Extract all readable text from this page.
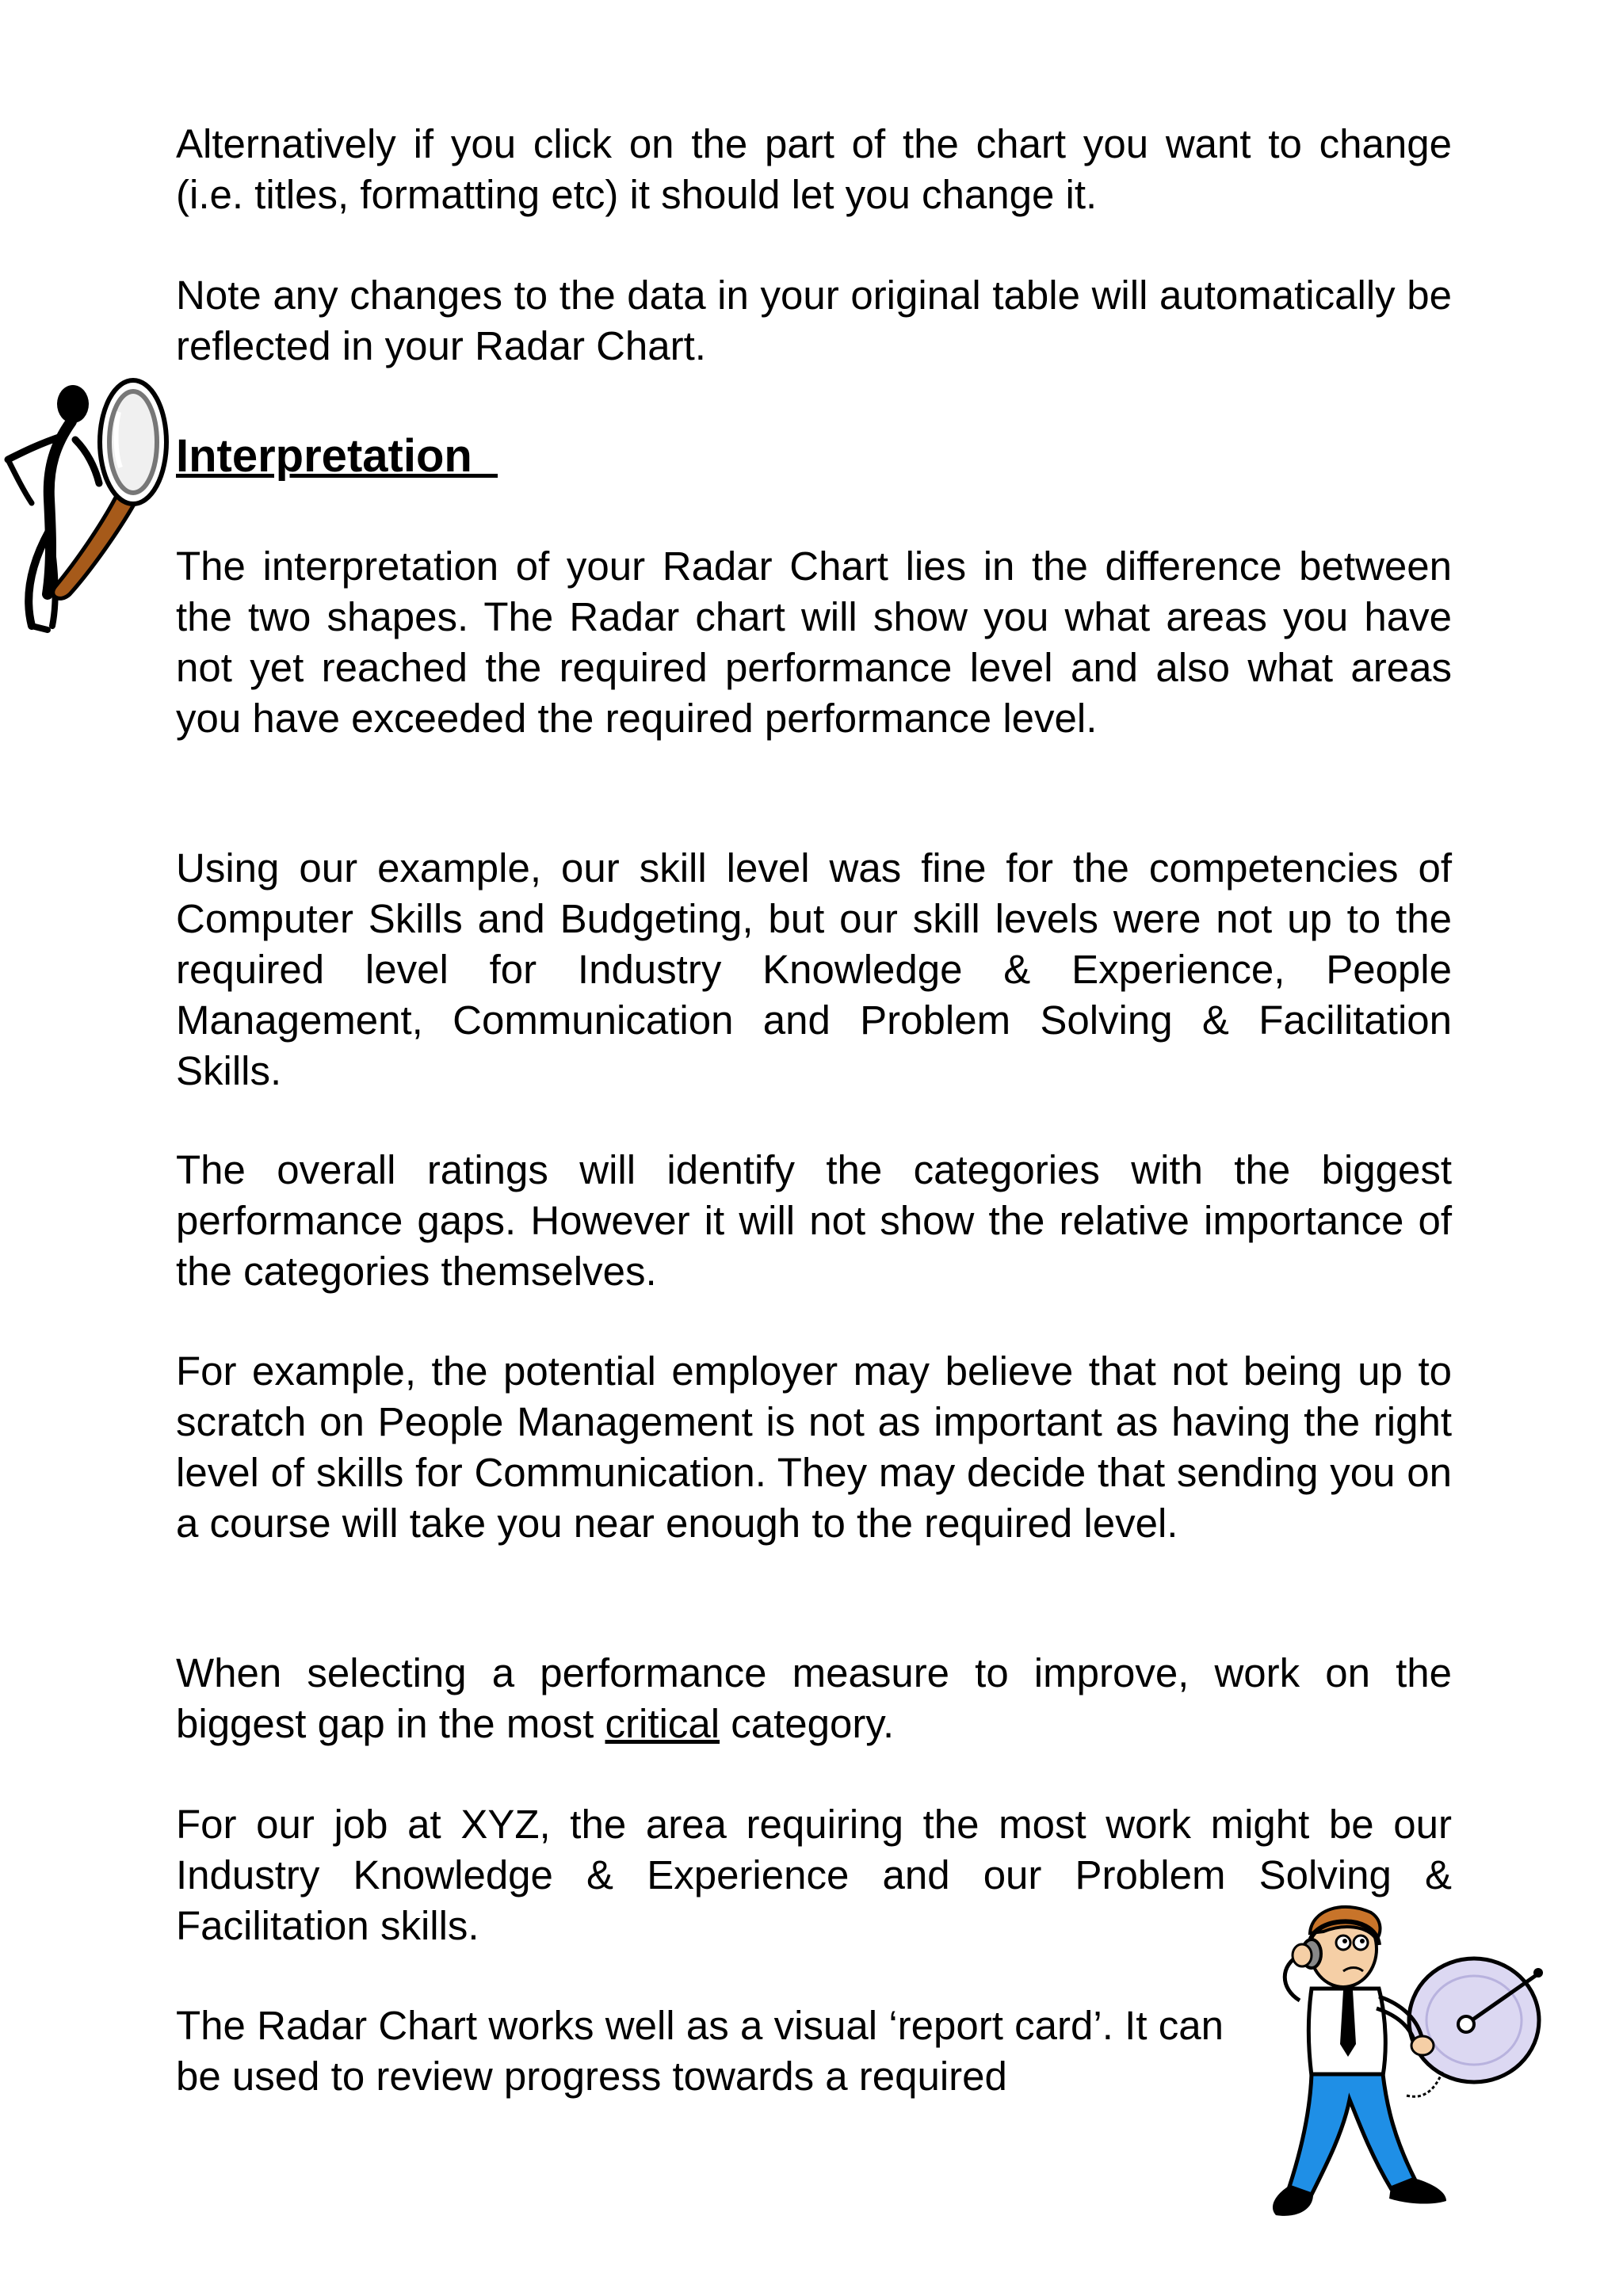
Alternatively if you click on the part of the chart you want to change (i.e. titles, formatting etc) it should let you change it.

Note any changes to the data in your original table will automatically be reflected in your Radar Chart.

Interpretation

The interpretation of your Radar Chart lies in the difference between the two shapes. The Radar chart will show you what areas you have not yet reached the required performance level and also what areas you have exceeded the required performance level.

Using our example, our skill level was fine for the competencies of Computer Skills and Budgeting, but our skill levels were not up to the required level for Industry Knowledge & Experience, People Management, Communication and Problem Solving & Facilitation Skills.

The overall ratings will identify the categories with the biggest performance gaps. However it will not show the relative importance of the categories themselves.

For example, the potential employer may believe that not being up to scratch on People Management is not as important as having the right level of skills for Communication. They may decide that sending you on a course will take you near enough to the required level.

When selecting a performance measure to improve, work on the biggest gap in the most critical category.

For our job at XYZ, the area requiring the most work might be our Industry Knowledge & Experience and our Problem Solving & Facilitation skills.

The Radar Chart works well as a visual ‘report card’. It can be used to review progress towards a required
